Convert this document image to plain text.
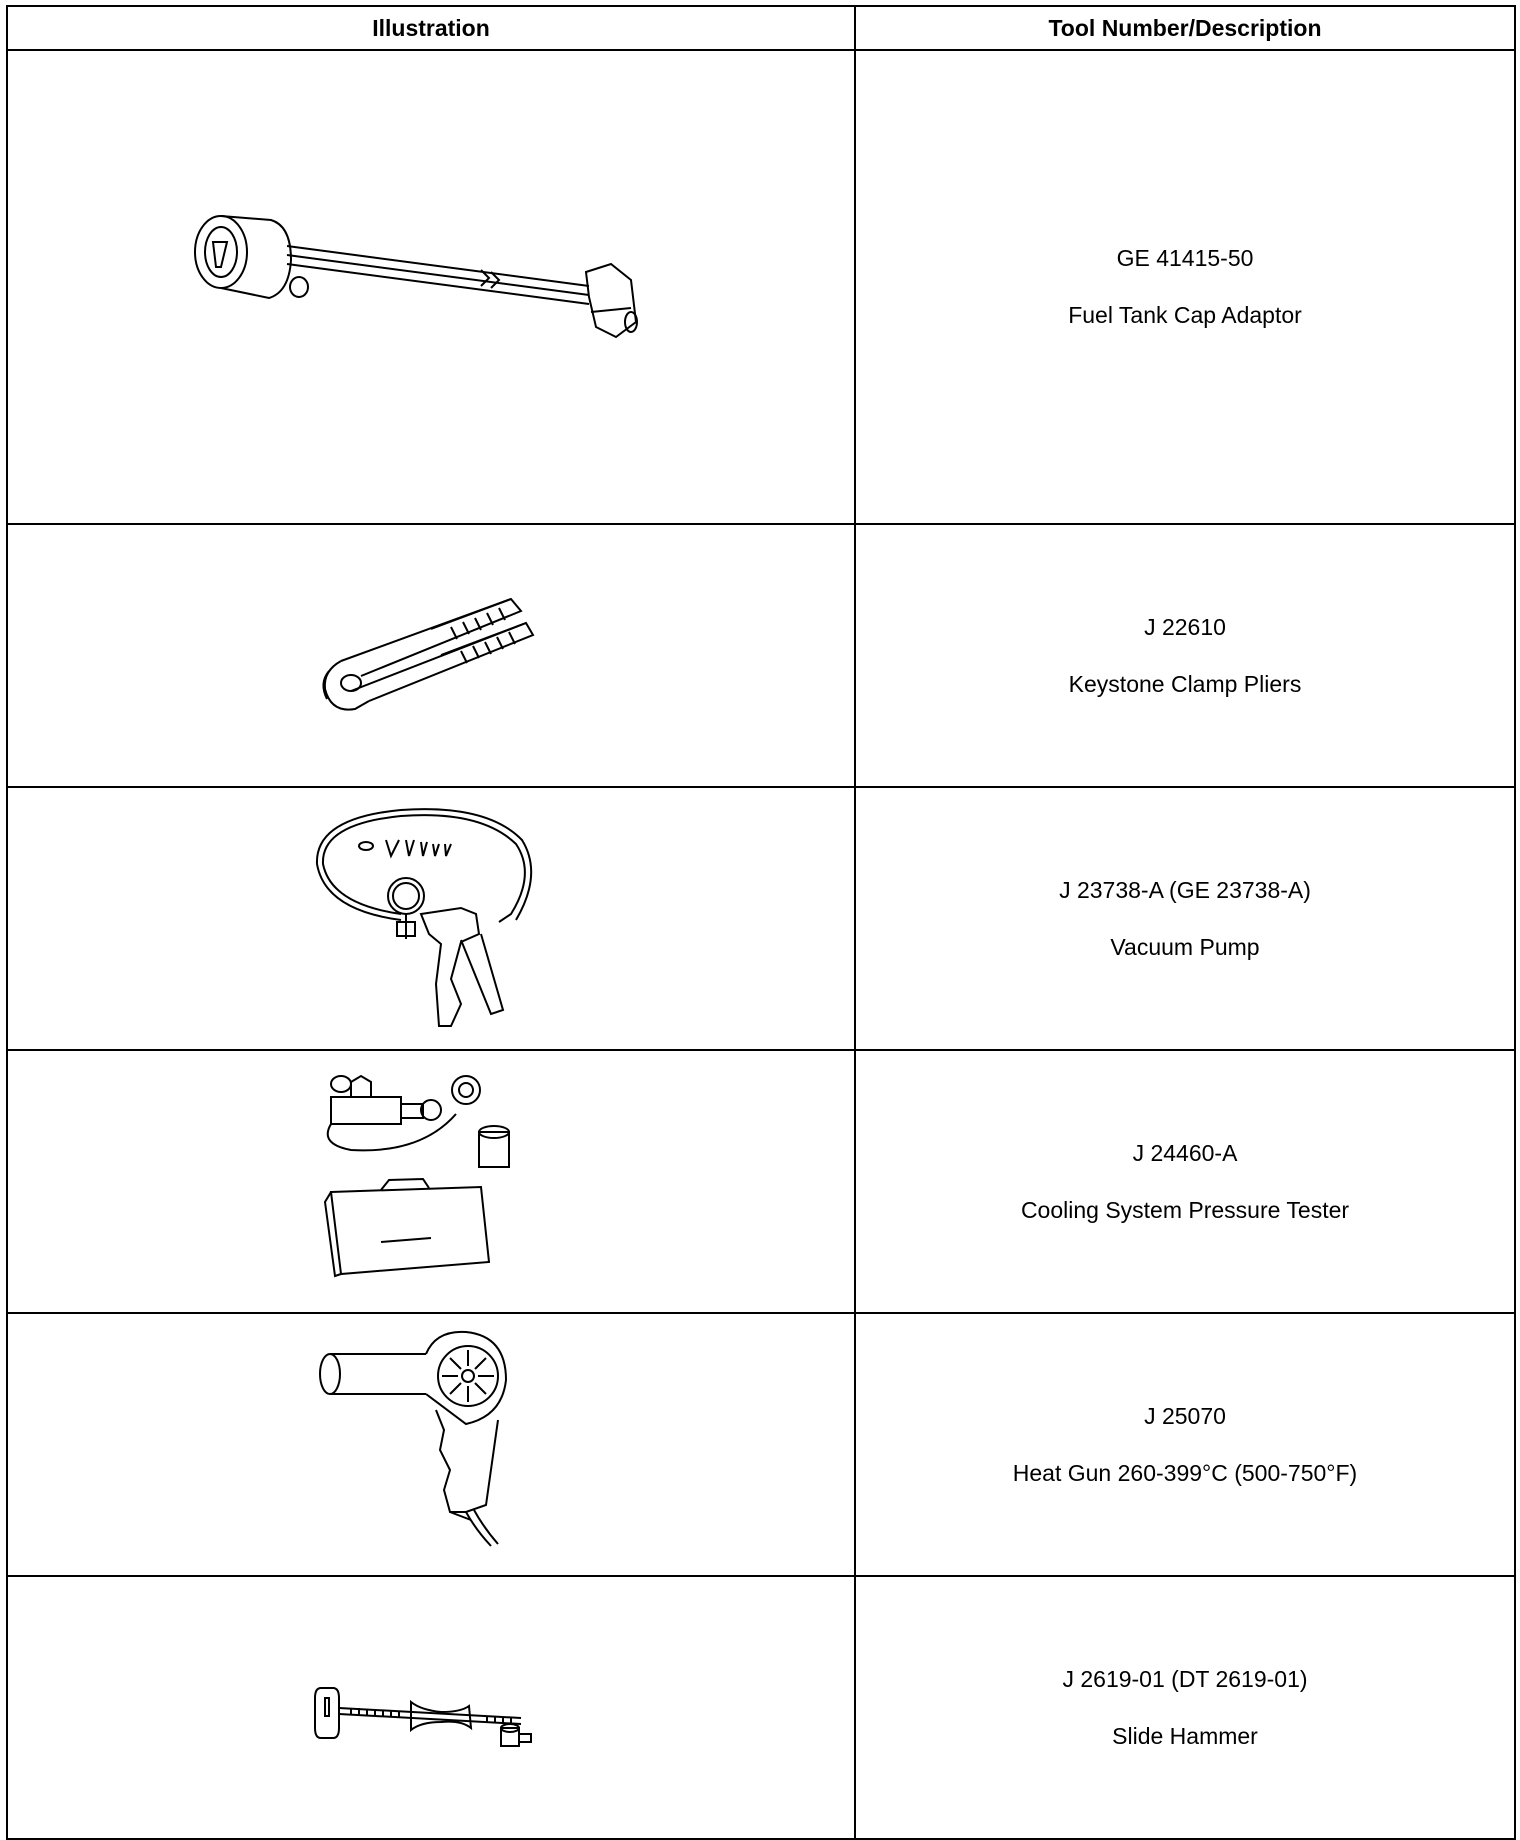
Illustration	Tool Number/Description

GE 41415-50
Fuel Tank Cap Adaptor

J 22610
Keystone Clamp Pliers

J 23738-A (GE 23738-A)
Vacuum Pump

J 24460-A
Cooling System Pressure Tester

J 25070
Heat Gun 260-399°C (500-750°F)

J 2619-01 (DT 2619-01)
Slide Hammer
